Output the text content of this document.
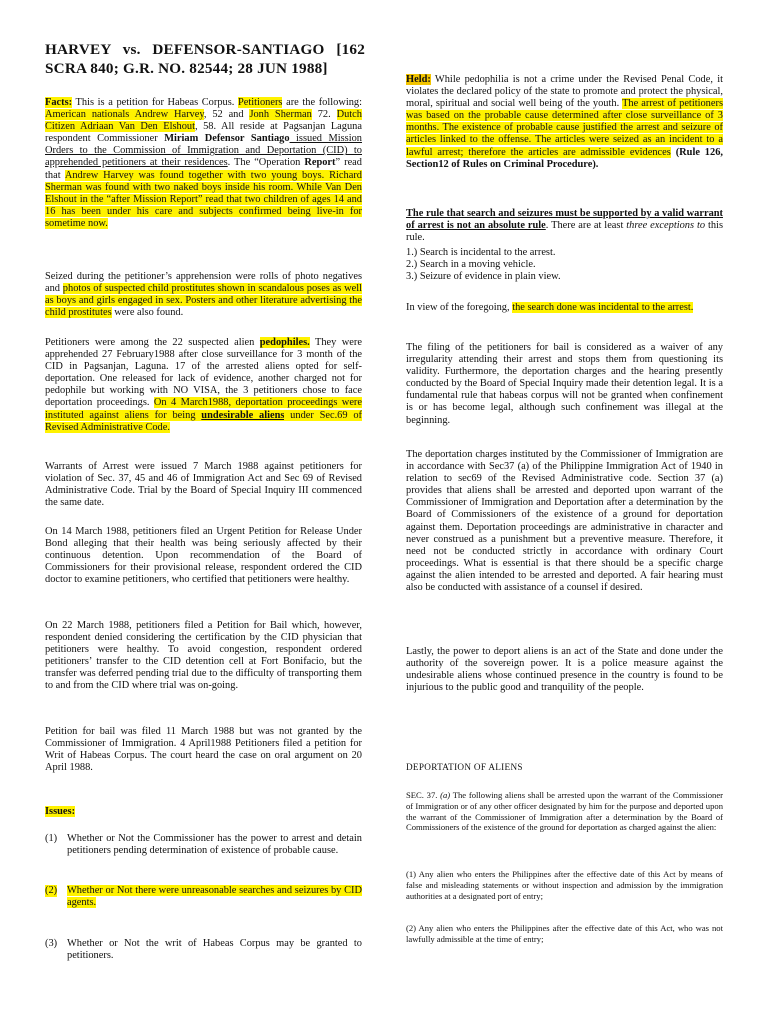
HARVEY vs. DEFENSOR-SANTIAGO [162 SCRA 840; G.R. NO. 82544; 28 JUN 1988]

Facts: This is a petition for Habeas Corpus. Petitioners are the following: American nationals Andrew Harvey, 52 and Jonh Sherman 72. Dutch Citizen Adriaan Van Den Elshout, 58. All reside at Pagsanjan Laguna respondent Commissioner Miriam Defensor Santiago issued Mission Orders to the Commission of Immigration and Deportation (CID) to apprehended petitioners at their residences. The “Operation Report” read that Andrew Harvey was found together with two young boys. Richard Sherman was found with two naked boys inside his room. While Van Den Elshout in the “after Mission Report” read that two children of ages 14 and 16 has been under his care and subjects confirmed being live-in for sometime now.

Seized during the petitioner’s apprehension were rolls of photo negatives and photos of suspected child prostitutes shown in scandalous poses as well as boys and girls engaged in sex. Posters and other literature advertising the child prostitutes were also found.

Petitioners were among the 22 suspected alien pedophiles. They were apprehended 27 February1988 after close surveillance for 3 month of the CID in Pagsanjan, Laguna. 17 of the arrested aliens opted for self-deportation. One released for lack of evidence, another charged not for pedophile but working with NO VISA, the 3 petitioners chose to face deportation proceedings. On 4 March1988, deportation proceedings were instituted against aliens for being undesirable aliens under Sec.69 of Revised Administrative Code.

Warrants of Arrest were issued 7 March 1988 against petitioners for violation of Sec. 37, 45 and 46 of Immigration Act and Sec 69 of Revised Administrative Code. Trial by the Board of Special Inquiry III commenced the same date.

On 14 March 1988, petitioners filed an Urgent Petition for Release Under Bond alleging that their health was being seriously affected by their continuous detention. Upon recommendation of the Board of Commissioners for their provisional release, respondent ordered the CID doctor to examine petitioners, who certified that petitioners were healthy.

On 22 March 1988, petitioners filed a Petition for Bail which, however, respondent denied considering the certification by the CID physician that petitioners were healthy. To avoid congestion, respondent ordered petitioners’ transfer to the CID detention cell at Fort Bonifacio, but the transfer was deferred pending trial due to the difficulty of transporting them to and from the CID where trial was on-going.

Petition for bail was filed 11 March 1988 but was not granted by the Commissioner of Immigration. 4 April1988 Petitioners filed a petition for Writ of Habeas Corpus. The court heard the case on oral argument on 20 April 1988.

Issues:

(1) Whether or Not the Commissioner has the power to arrest and detain petitioners pending determination of existence of probable cause.

(2) Whether or Not there were unreasonable searches and seizures by CID agents.

(3) Whether or Not the writ of Habeas Corpus may be granted to petitioners.

Held: While pedophilia is not a crime under the Revised Penal Code, it violates the declared policy of the state to promote and protect the physical, moral, spiritual and social well being of the youth. The arrest of petitioners was based on the probable cause determined after close surveillance of 3 months. The existence of probable cause justified the arrest and seizure of articles linked to the offense. The articles were seized as an incident to a lawful arrest; therefore the articles are admissible evidences (Rule 126, Section12 of Rules on Criminal Procedure).

The rule that search and seizures must be supported by a valid warrant of arrest is not an absolute rule. There are at least three exceptions to this rule.

1.) Search is incidental to the arrest.
2.) Search in a moving vehicle.
3.) Seizure of evidence in plain view.

In view of the foregoing, the search done was incidental to the arrest.

The filing of the petitioners for bail is considered as a waiver of any irregularity attending their arrest and stops them from questioning its validity. Furthermore, the deportation charges and the hearing presently conducted by the Board of Special Inquiry made their detention legal. It is a fundamental rule that habeas corpus will not be granted when confinement is or has become legal, although such confinement was illegal at the beginning.

The deportation charges instituted by the Commissioner of Immigration are in accordance with Sec37 (a) of the Philippine Immigration Act of 1940 in relation to sec69 of the Revised Administrative code. Section 37 (a) provides that aliens shall be arrested and deported upon warrant of the Commissioner of Immigration and Deportation after a determination by the Board of Commissioners of the existence of a ground for deportation against them. Deportation proceedings are administrative in character and never construed as a punishment but a preventive measure. Therefore, it need not be conducted strictly in accordance with ordinary Court proceedings. What is essential is that there should be a specific charge against the alien intended to be arrested and deported. A fair hearing must also be conducted with assistance of a counsel if desired.

Lastly, the power to deport aliens is an act of the State and done under the authority of the sovereign power. It is a police measure against the undesirable aliens whose continued presence in the country is found to be injurious to the public good and tranquility of the people.

DEPORTATION OF ALIENS

SEC. 37. (a) The following aliens shall be arrested upon the warrant of the Commissioner of Immigration or of any other officer designated by him for the purpose and deported upon the warrant of the Commissioner of Immigration after a determination by the Board of Commissioners of the existence of the ground for deportation as charged against the alien:

(1) Any alien who enters the Philippines after the effective date of this Act by means of false and misleading statements or without inspection and admission by the immigration authorities at a designated port of entry;

(2) Any alien who enters the Philippines after the effective date of this Act, who was not lawfully admissible at the time of entry;
